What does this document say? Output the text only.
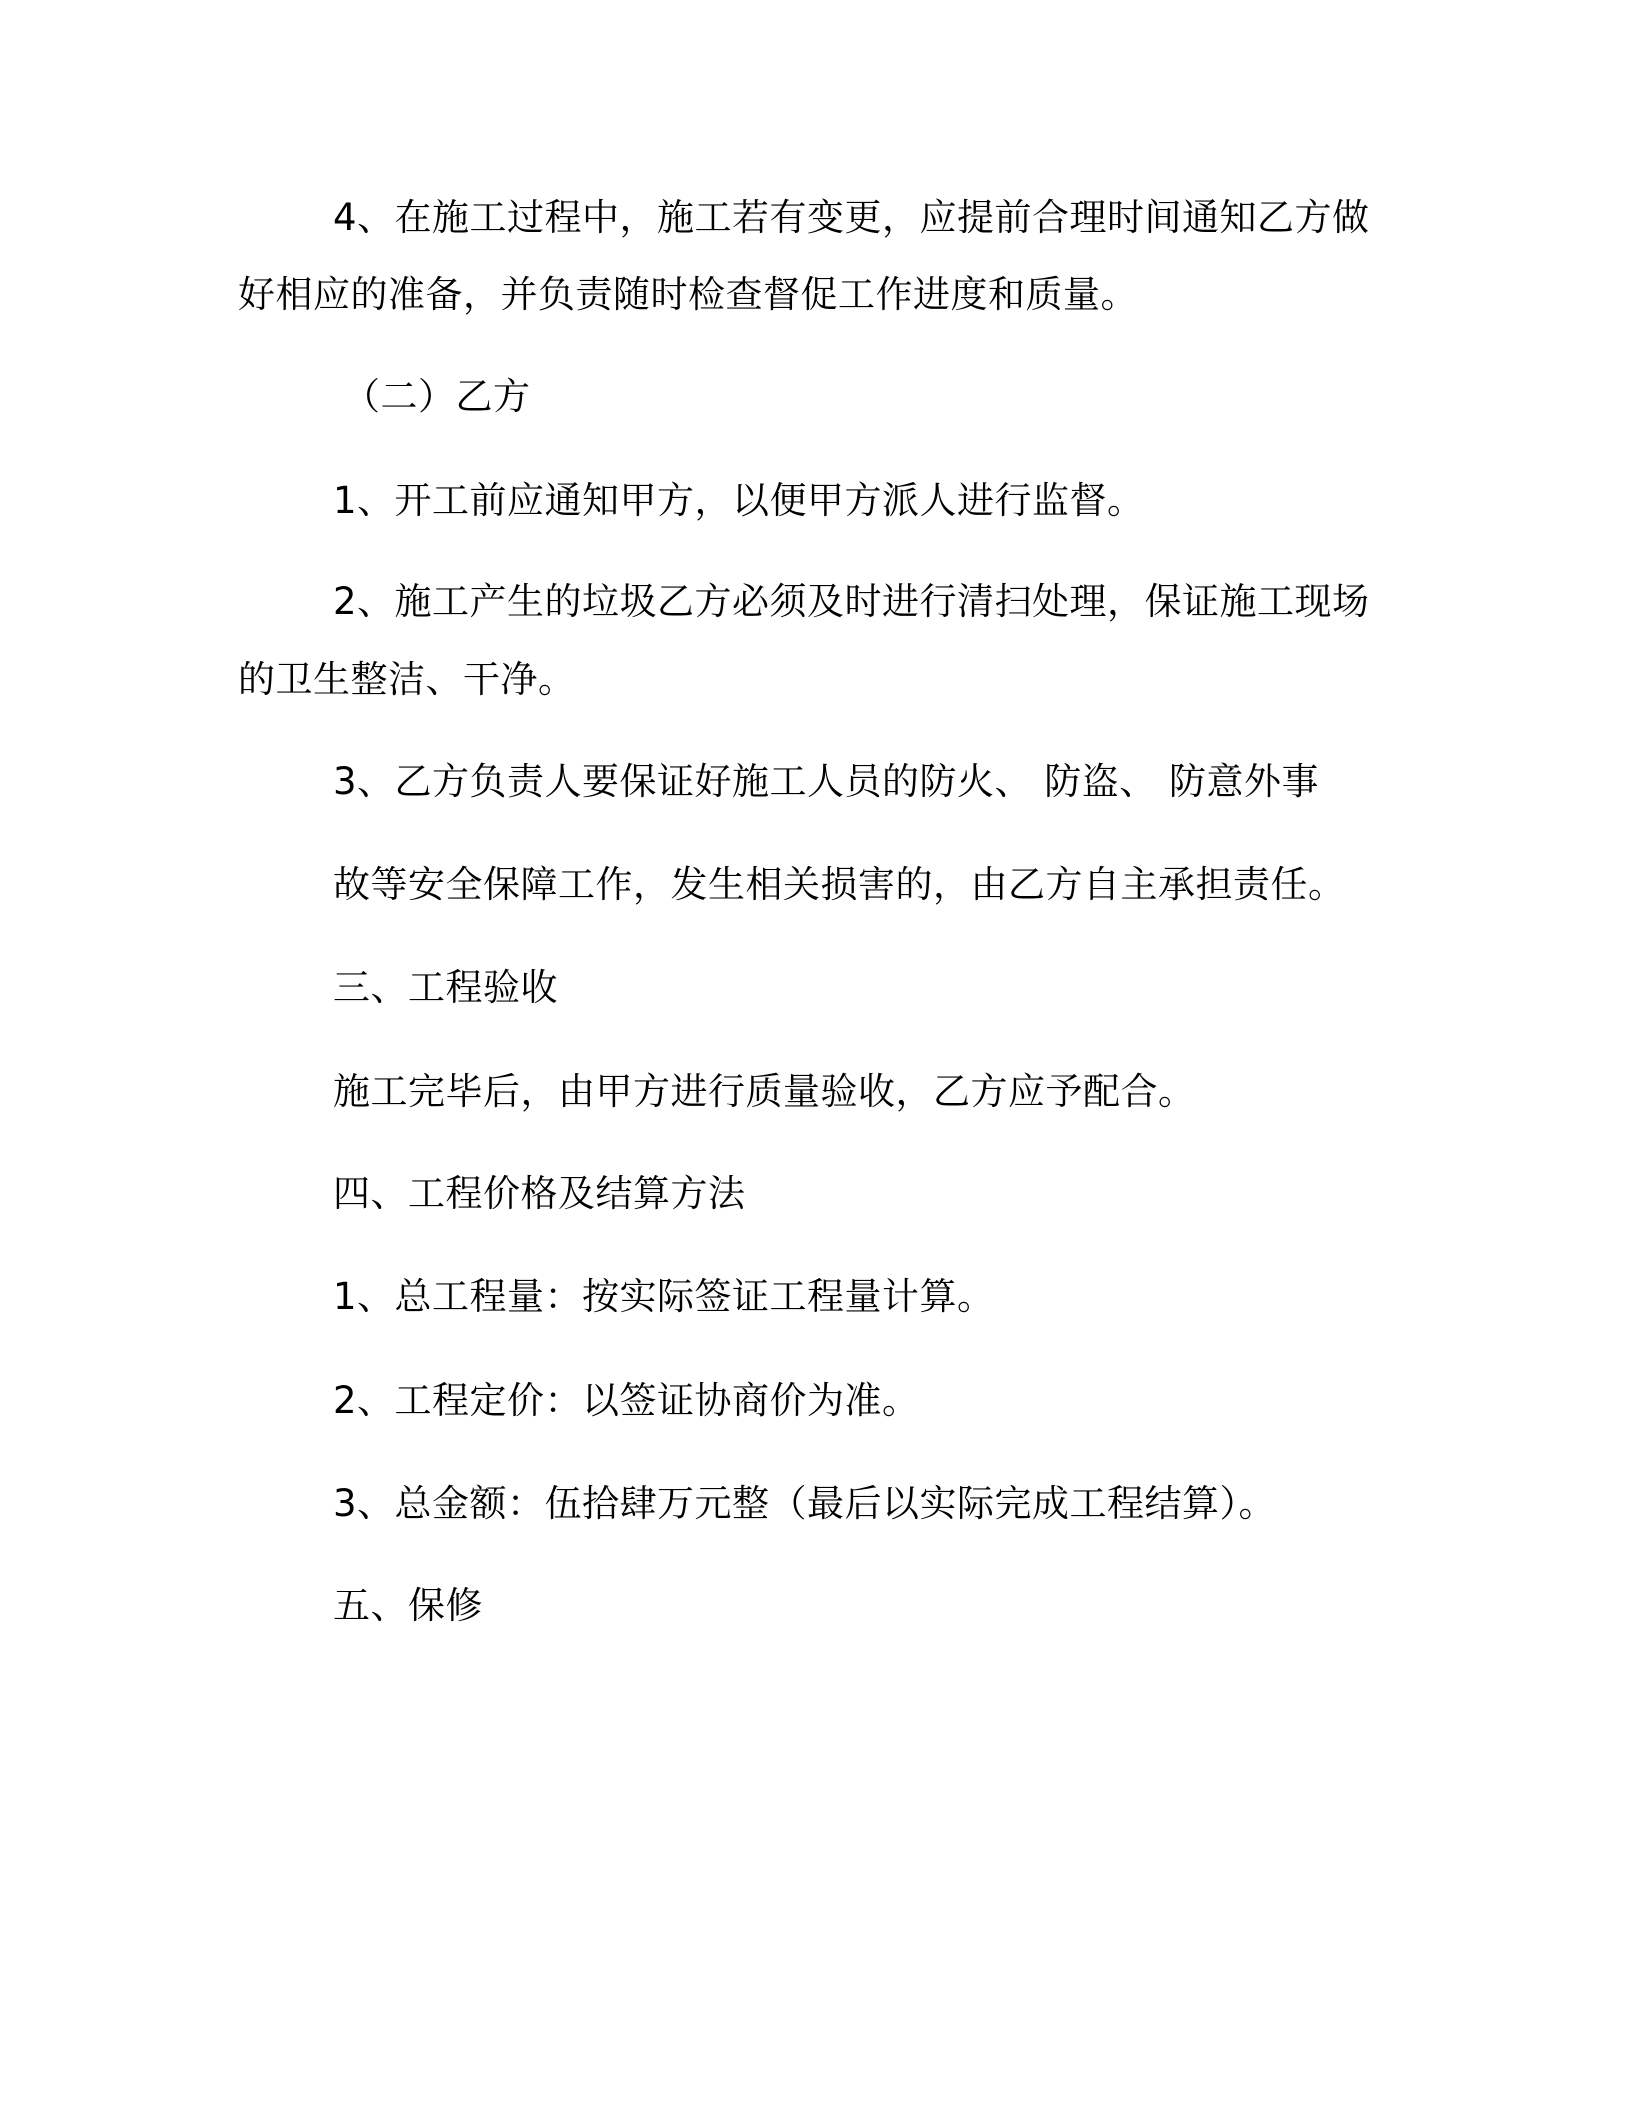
4、在施工过程中，施工若有变更，应提前合理时间通知乙方做

好相应的准备，并负责随时检查督促工作进度和质量。

（二）乙方

1、开工前应通知甲方，以便甲方派人进行监督。

2、施工产生的垃圾乙方必须及时进行清扫处理，保证施工现场

的卫生整洁、干净。

3、乙方负责人要保证好施工人员的防火、 防盗、 防意外事

故等安全保障工作，发生相关损害的，由乙方自主承担责任。

三、工程验收

施工完毕后，由甲方进行质量验收，乙方应予配合。

四、工程价格及结算方法

1、总工程量：按实际签证工程量计算。

2、工程定价：以签证协商价为准。

3、总金额：伍拾肆万元整（最后以实际完成工程结算）。

五、保修
